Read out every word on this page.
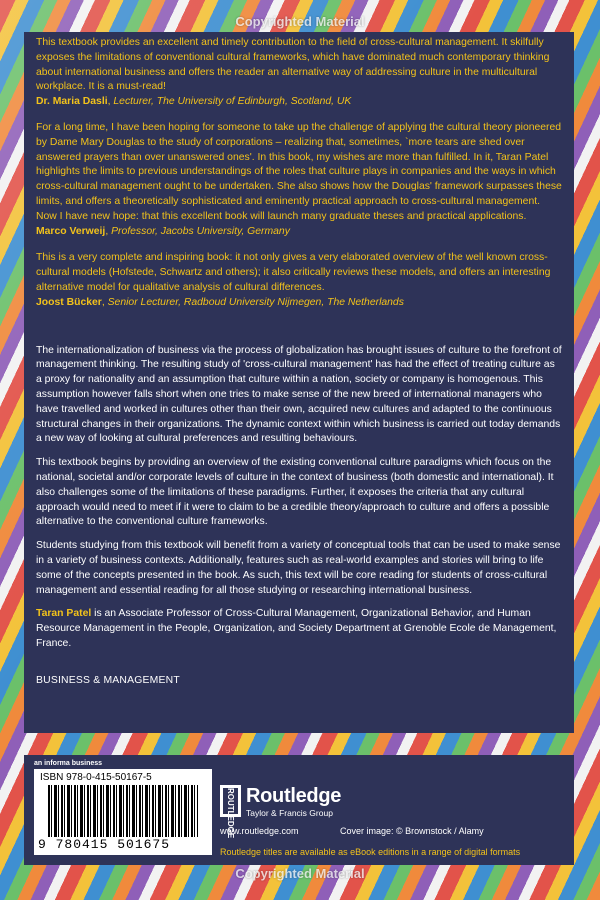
Copyrighted Material

This textbook provides an excellent and timely contribution to the field of cross-cultural management. It skilfully exposes the limitations of conventional cultural frameworks, which have dominated much contemporary thinking about international business and offers the reader an alternative way of addressing culture in the multicultural workplace. It is a must-read!
Dr. Maria Dasli, Lecturer, The University of Edinburgh, Scotland, UK

For a long time, I have been hoping for someone to take up the challenge of applying the cultural theory pioneered by Dame Mary Douglas to the study of corporations – realizing that, sometimes, `more tears are shed over answered prayers than over unanswered ones'. In this book, my wishes are more than fulfilled. In it, Taran Patel highlights the limits to previous understandings of the roles that culture plays in companies and the ways in which cross-cultural management ought to be undertaken. She also shows how the Douglas' framework surpasses these limits, and offers a theoretically sophisticated and eminently practical approach to cross-cultural management. Now I have new hope: that this excellent book will launch many graduate theses and practical applications.
Marco Verweij, Professor, Jacobs University, Germany

This is a very complete and inspiring book: it not only gives a very elaborated overview of the well known cross-cultural models (Hofstede, Schwartz and others); it also critically reviews these models, and offers an interesting alternative model for qualitative analysis of cultural differences.
Joost Bücker, Senior Lecturer, Radboud University Nijmegen, The Netherlands

The internationalization of business via the process of globalization has brought issues of culture to the forefront of management thinking. The resulting study of 'cross-cultural management' has had the effect of treating culture as a proxy for nationality and an assumption that culture within a nation, society or company is homogenous. This assumption however falls short when one tries to make sense of the new breed of international managers who have travelled and worked in cultures other than their own, acquired new cultures and adapted to the continuous structural changes in their organizations. The dynamic context within which business is carried out today demands a new way of looking at cultural preferences and resulting behaviours.

This textbook begins by providing an overview of the existing conventional culture paradigms which focus on the national, societal and/or corporate levels of culture in the context of business (both domestic and international). It also challenges some of the limitations of these paradigms. Further, it exposes the criteria that any cultural approach would need to meet if it were to claim to be a credible theory/approach to culture and offers a possible alternative to the conventional culture frameworks.

Students studying from this textbook will benefit from a variety of conceptual tools that can be used to make sense in a variety of business contexts. Additionally, features such as real-world examples and stories will bring to life some of the concepts presented in the book. As such, this text will be core reading for students of cross-cultural management and essential reading for all those studying or researching international business.

Taran Patel is an Associate Professor of Cross-Cultural Management, Organizational Behavior, and Human Resource Management in the People, Organization, and Society Department at Grenoble Ecole de Management, France.

BUSINESS & MANAGEMENT
an informa business
ISBN 978-0-415-50167-5
9 780415 501675
ROUTLEDGE Routledge
Taylor & Francis Group
www.routledge.com	Cover image: © Brownstock / Alamy
Routledge titles are available as eBook editions in a range of digital formats
Copyrighted Material
